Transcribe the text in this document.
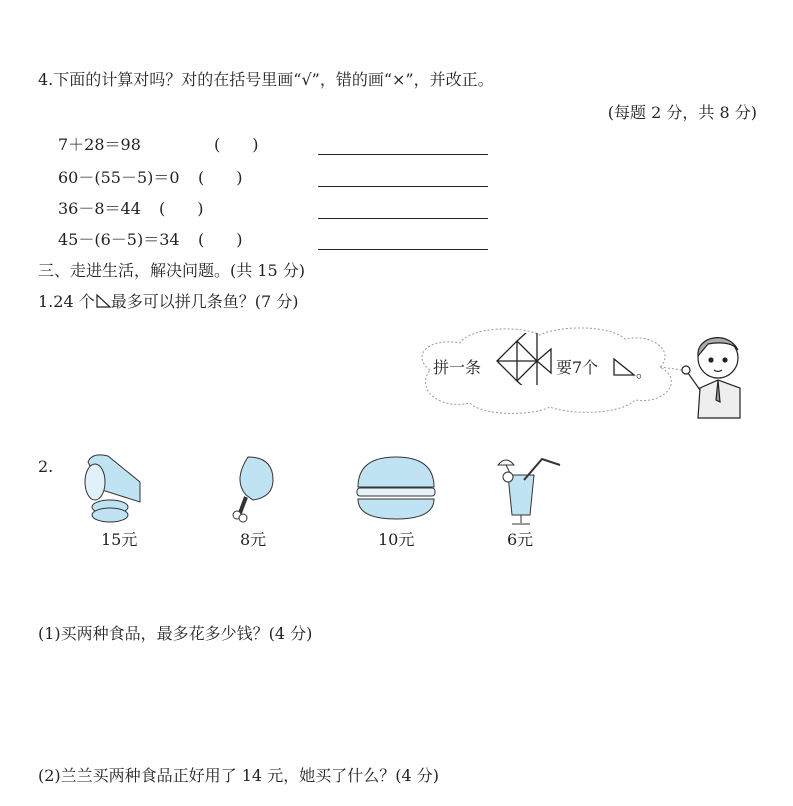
4.下面的计算对吗？对的在括号里画“√”，错的画“×”，并改正。
(每题 2 分，共 8 分)
7＋28＝98	(　　)
60－(55－5)＝0 (　　)
36－8＝44 (　　)
45－(6－5)＝34 (　　)
三、走进生活，解决问题。(共 15 分)
1.24 个 最多可以拼几条鱼？(7 分)
拼一条	要7个 。
2.
15元	8元	10元	6元
(1)买两种食品，最多花多少钱？(4 分)
(2)兰兰买两种食品正好用了 14 元，她买了什么？(4 分)
